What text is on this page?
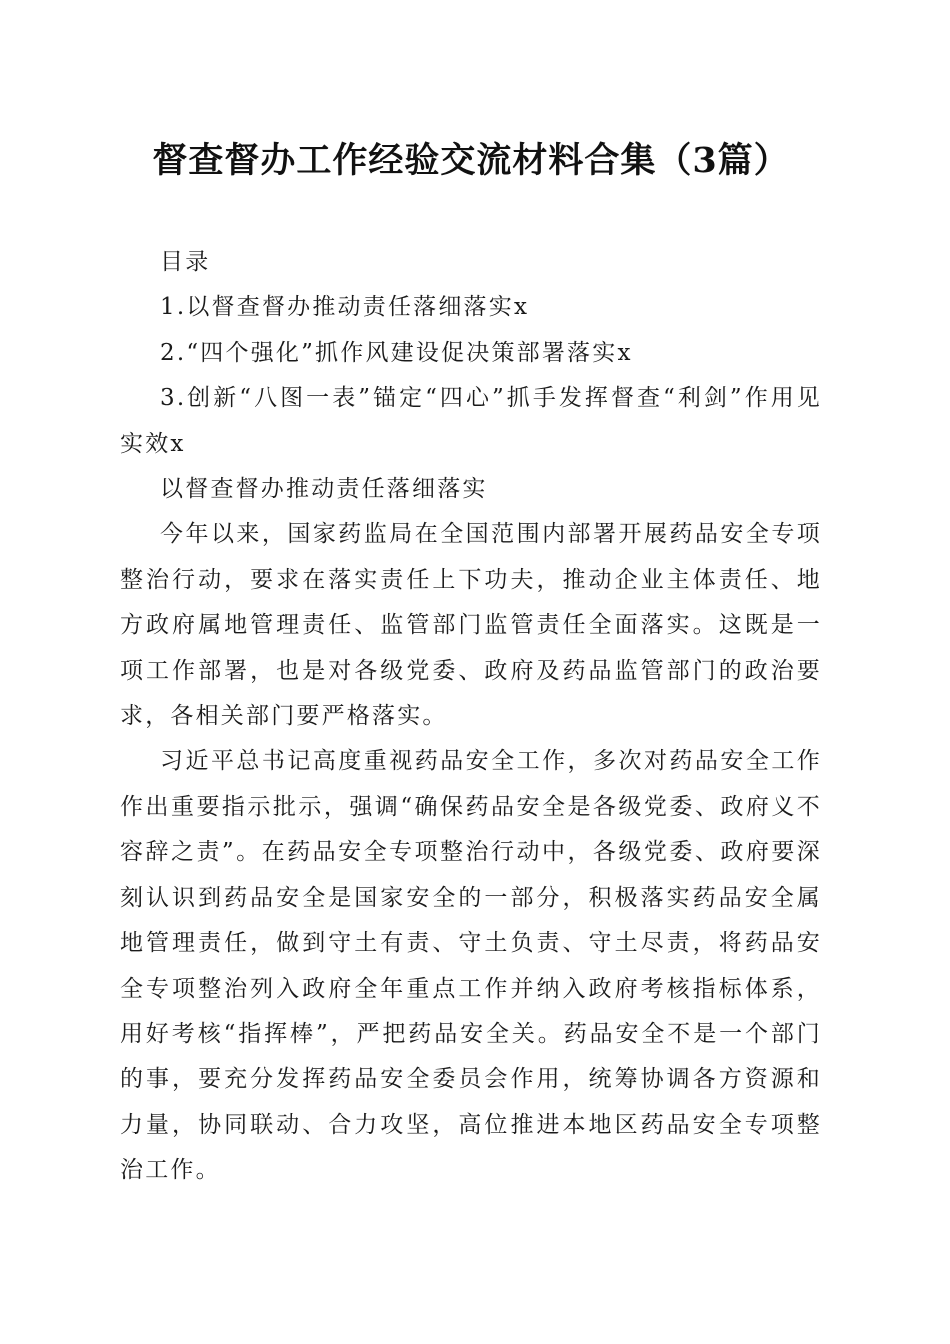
督查督办工作经验交流材料合集（3篇）

目录

1.以督查督办推动责任落细落实x

2.“四个强化”抓作风建设促决策部署落实x

3.创新“八图一表”锚定“四心”抓手发挥督查“利剑”作用见实效x

以督查督办推动责任落细落实

今年以来，国家药监局在全国范围内部署开展药品安全专项整治行动，要求在落实责任上下功夫，推动企业主体责任、地方政府属地管理责任、监管部门监管责任全面落实。这既是一项工作部署，也是对各级党委、政府及药品监管部门的政治要求，各相关部门要严格落实。

习近平总书记高度重视药品安全工作，多次对药品安全工作作出重要指示批示，强调“确保药品安全是各级党委、政府义不容辞之责”。在药品安全专项整治行动中，各级党委、政府要深刻认识到药品安全是国家安全的一部分，积极落实药品安全属地管理责任，做到守土有责、守土负责、守土尽责，将药品安全专项整治列入政府全年重点工作并纳入政府考核指标体系，用好考核“指挥棒”，严把药品安全关。药品安全不是一个部门的事，要充分发挥药品安全委员会作用，统筹协调各方资源和力量，协同联动、合力攻坚，高位推进本地区药品安全专项整治工作。
